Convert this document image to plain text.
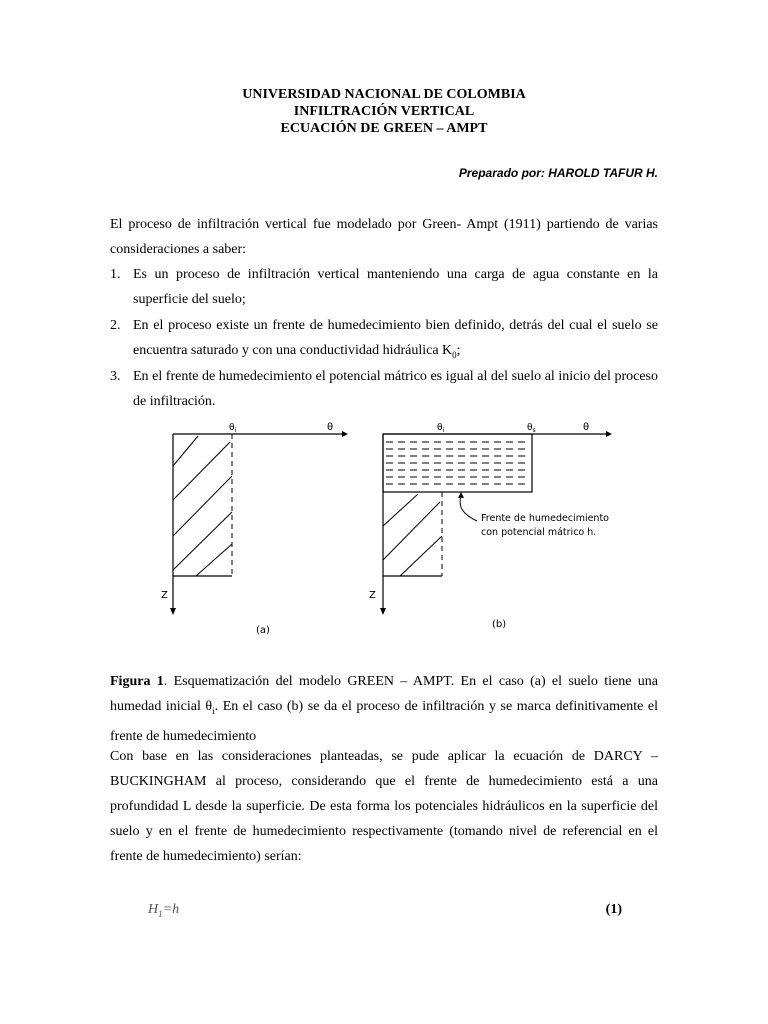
UNIVERSIDAD NACIONAL DE COLOMBIA
INFILTRACIÓN VERTICAL
ECUACIÓN DE GREEN – AMPT
Preparado por: HAROLD TAFUR H.
El proceso de infiltración vertical fue modelado por Green- Ampt (1911) partiendo de varias consideraciones a saber:
1. Es un proceso de infiltración vertical manteniendo una carga de agua constante en la superficie del suelo;
2. En el proceso existe un frente de humedecimiento bien definido, detrás del cual el suelo se encuentra saturado y con una conductividad hidráulica $K_0$;
3. En el frente de humedecimiento el potencial mátrico es igual al del suelo al inicio del proceso de infiltración.
$\theta_i$	θ
Z
(a)
$\theta_i$	$\theta_s$	θ
Z
Frente de humedecimiento
con potencial mátrico h.
(b)
Figura 1. Esquematización del modelo GREEN – AMPT. En el caso (a) el suelo tiene una humedad inicial $\theta_i$. En el caso (b) se da el proceso de infiltración y se marca definitivamente el frente de humedecimiento
Con base en las consideraciones planteadas, se pude aplicar la ecuación de DARCY – BUCKINGHAM al proceso, considerando que el frente de humedecimiento está a una profundidad L desde la superficie. De esta forma los potenciales hidráulicos en la superficie del suelo y en el frente de humedecimiento respectivamente (tomando nivel de referencial en el frente de humedecimiento) serían:
$H_1=h$	(1)
